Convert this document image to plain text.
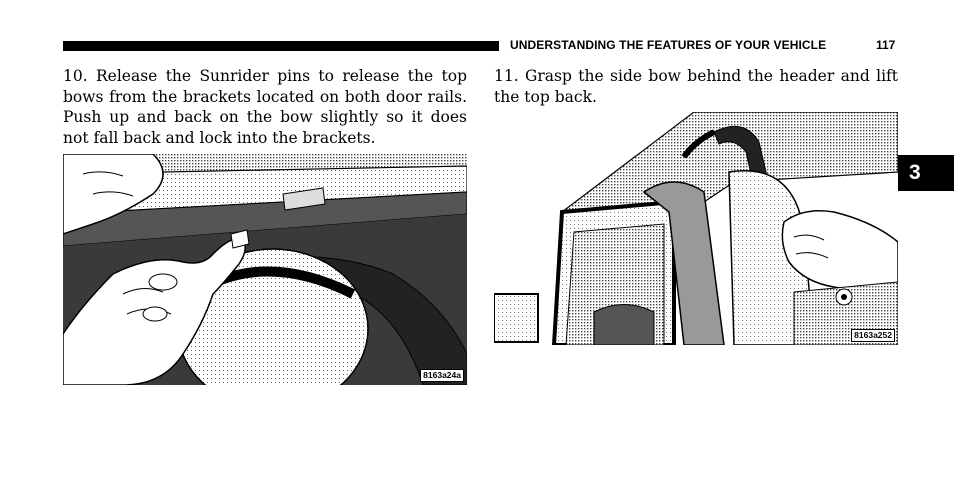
UNDERSTANDING THE FEATURES OF YOUR VEHICLE	117

10. Release the Sunrider pins to release the top bows from the brackets located on both door rails. Push up and back on the bow slightly so it does not fall back and lock into the brackets.

11. Grasp the side bow behind the header and lift the top back.

8163a24a
8163a252
3
